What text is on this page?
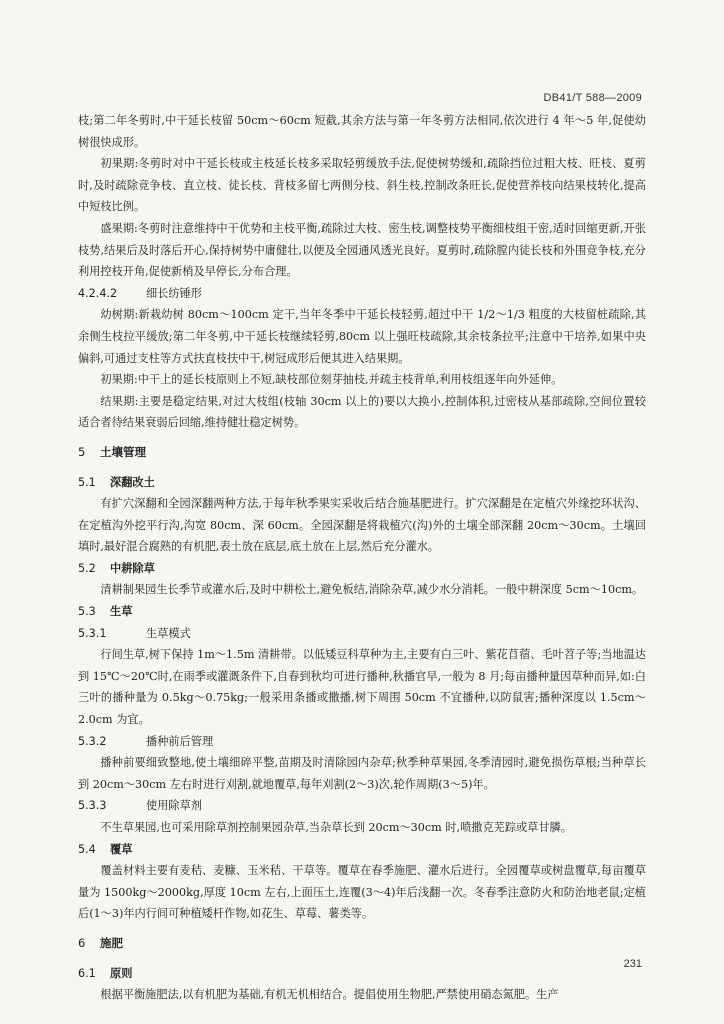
DB41/T 588—2009

枝;第二年冬剪时,中干延长枝留 50cm～60cm 短截,其余方法与第一年冬剪方法相同,依次进行 4 年～5 年,促使幼树很快成形。

初果期:冬剪时对中干延长枝或主枝延长枝多采取轻剪缓放手法,促使树势缓和,疏除挡位过粗大枝、旺枝、夏剪时,及时疏除竞争枝、直立枝、徒长枝、背枝多留七两侧分枝、斜生枝,控制改条旺长,促使营养枝向结果枝转化,提高中短枝比例。

盛果期:冬剪时注意维持中干优势和主枝平衡,疏除过大枝、密生枝,调整枝势平衡细枝组干密,适时回缩更新,开张枝势,结果后及时落后开心,保持树势中庸健壮,以便及全园通风透光良好。夏剪时,疏除膛内徒长枝和外围竞争枝,充分利用控枝开角,促使新梢及早停长,分布合理。

4.2.4.2	细长纺锤形

幼树期:新栽幼树 80cm～100cm 定干,当年冬季中干延长枝轻剪,超过中干 1/2～1/3 粗度的大枝留桩疏除,其余侧生枝拉平缓放;第二年冬剪,中干延长枝继续轻剪,80cm 以上强旺枝疏除,其余枝条拉平;注意中干培养,如果中央偏斜,可通过支柱等方式扶直枝扶中干,树冠成形后便其进入结果期。

初果期:中干上的延长枝原则上不短,缺枝部位刻芽抽枝,并疏主枝背单,利用枝组逐年向外延伸。

结果期:主要是稳定结果,对过大枝组(枝轴 30cm 以上的)要以大换小,控制体积,过密枝从基部疏除,空间位置较适合者待结果衰弱后回缩,维持健壮稳定树势。

5 土壤管理
5.1 深翻改土

有扩穴深翻和全园深翻两种方法,于每年秋季果实采收后结合施基肥进行。扩穴深翻是在定植穴外缘挖环状沟、在定植沟外挖平行沟,沟宽 80cm、深 60cm。全园深翻是将栽植穴(沟)外的土壤全部深翻 20cm～30cm。土壤回填时,最好混合腐熟的有机肥,表土放在底层,底土放在上层,然后充分灌水。

5.2 中耕除草

清耕制果园生长季节或灌水后,及时中耕松土,避免板结,消除杂草,减少水分消耗。一般中耕深度 5cm～10cm。

5.3 生草
5.3.1	生草模式

行间生草,树下保持 1m～1.5m 清耕带。以低矮豆科草种为主,主要有白三叶、紫花苜蓿、毛叶苕子等;当地温达到 15℃～20℃时,在雨季或灌溉条件下,自春到秋均可进行播种,秋播官早,一般为 8 月;每亩播种量因草种而异,如:白三叶的播种量为 0.5kg～0.75kg;一般采用条播或撒播,树下周围 50cm 不宜播种,以防鼠害;播种深度以 1.5cm～2.0cm 为宜。

5.3.2	播种前后管理

播种前要细致整地,使土壤细碎平整,苗期及时清除园内杂草;秋季种草果园,冬季清园时,避免损伤草根;当种草长到 20cm～30cm 左右时进行刈割,就地覆草,每年刈割(2～3)次,轮作周期(3～5)年。

5.3.3	使用除草剂

不生草果园,也可采用除草剂控制果园杂草,当杂草长到 20cm～30cm 时,喷撒克芜踪或草甘膦。

5.4 覆草

覆盖材料主要有麦秸、麦糠、玉米秸、干草等。覆草在春季施肥、灌水后进行。全园覆草或树盘覆草,每亩覆草量为 1500kg～2000kg,厚度 10cm 左右,上面压土,连覆(3～4)年后浅翻一次。冬春季注意防火和防治地老鼠;定植后(1～3)年内行间可种植矮杆作物,如花生、草莓、薯类等。

6 施肥
6.1 原则

根据平衡施肥法,以有机肥为基础,有机无机相结合。提倡使用生物肥,严禁使用硝态氮肥。生产

231
